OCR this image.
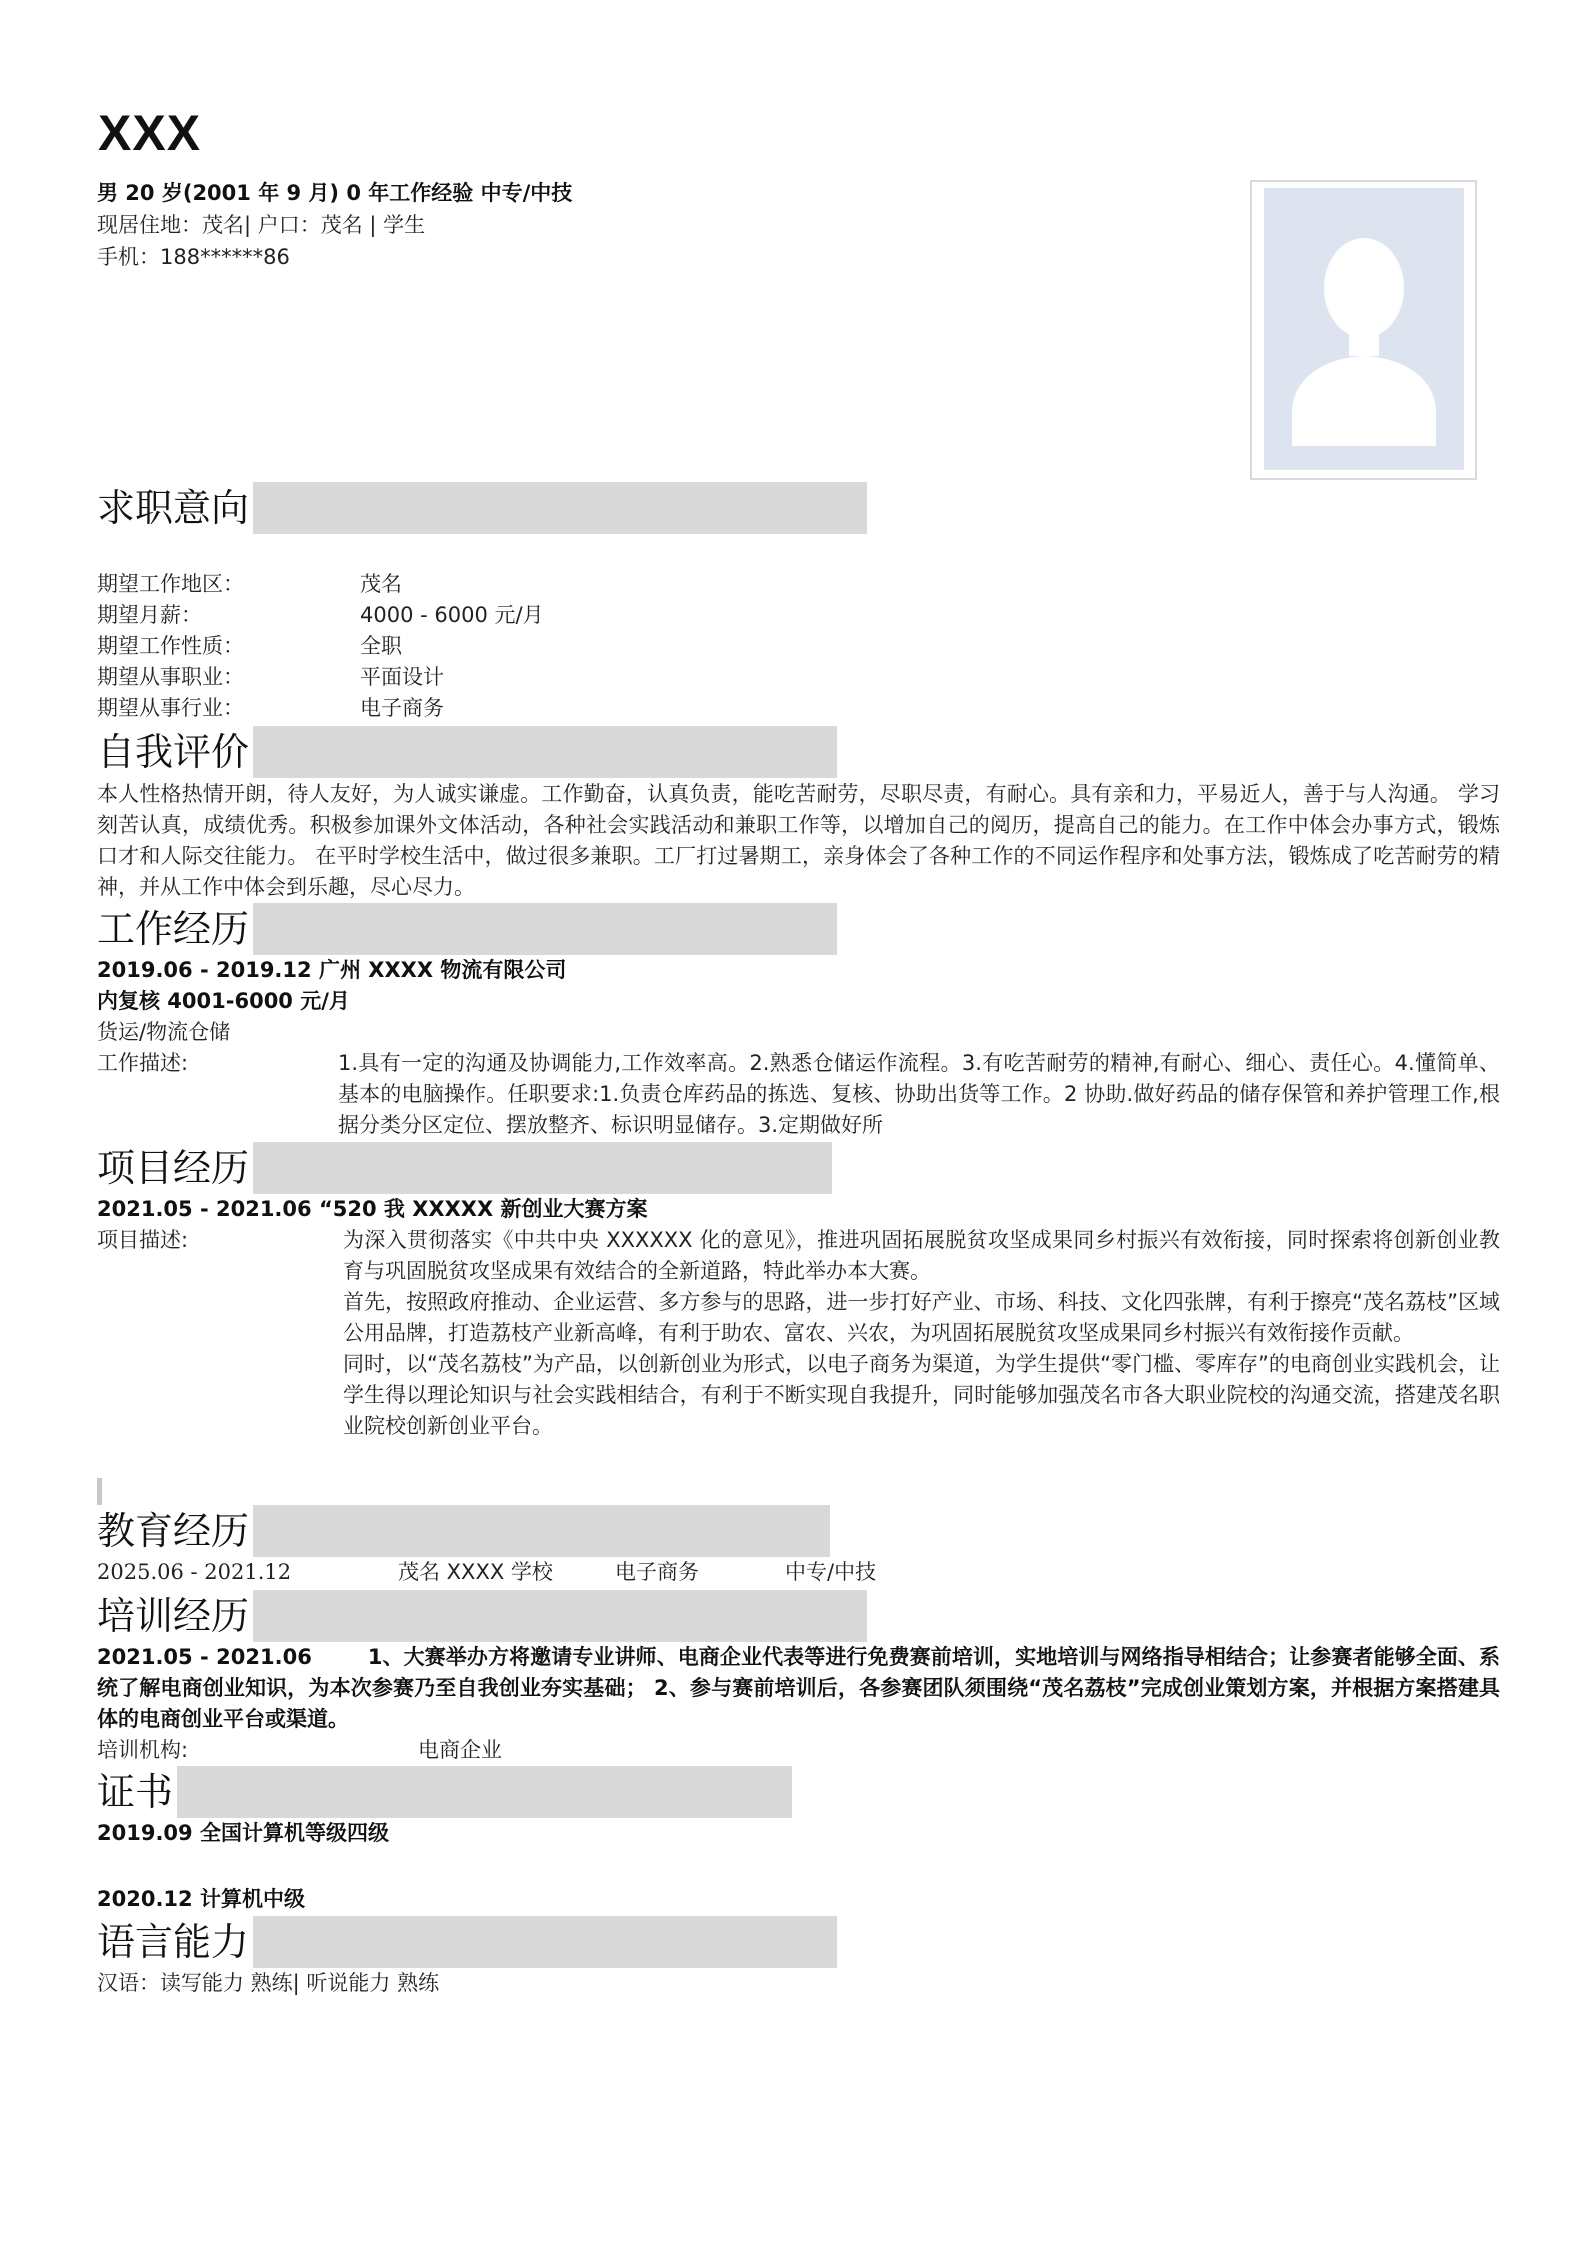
XXX
男 20 岁(2001 年 9 月) 0 年工作经验 中专/中技
现居住地：茂名| 户口：茂名 | 学生
手机：188******86
求职意向
期望工作地区：	茂名
期望月薪：	4000 - 6000 元/月
期望工作性质：	全职
期望从事职业：	平面设计
期望从事行业：	电子商务
自我评价
本人性格热情开朗，待人友好，为人诚实谦虚。工作勤奋，认真负责，能吃苦耐劳，尽职尽责，有耐心。具有亲和力，平易近人，善于与人沟通。 学习刻苦认真，成绩优秀。积极参加课外文体活动，各种社会实践活动和兼职工作等，以增加自己的阅历，提高自己的能力。在工作中体会办事方式，锻炼口才和人际交往能力。 在平时学校生活中，做过很多兼职。工厂打过暑期工，亲身体会了各种工作的不同运作程序和处事方法，锻炼成了吃苦耐劳的精神，并从工作中体会到乐趣，尽心尽力。
工作经历
2019.06 - 2019.12 广州 XXXX 物流有限公司
内复核 4001-6000 元/月
货运/物流仓储
工作描述:	1.具有一定的沟通及协调能力,工作效率高。2.熟悉仓储运作流程。3.有吃苦耐劳的精神,有耐心、细心、责任心。4.懂简单、基本的电脑操作。任职要求:1.负责仓库药品的拣选、复核、协助出货等工作。2 协助.做好药品的储存保管和养护管理工作,根据分类分区定位、摆放整齐、标识明显储存。3.定期做好所
项目经历
2021.05 - 2021.06 “520 我 XXXXX 新创业大赛方案
项目描述:	为深入贯彻落实《中共中央 XXXXXX 化的意见》，推进巩固拓展脱贫攻坚成果同乡村振兴有效衔接，同时探索将创新创业教育与巩固脱贫攻坚成果有效结合的全新道路，特此举办本大赛。

首先，按照政府推动、企业运营、多方参与的思路，进一步打好产业、市场、科技、文化四张牌，有利于擦亮“茂名荔枝”区域公用品牌，打造荔枝产业新高峰，有利于助农、富农、兴农，为巩固拓展脱贫攻坚成果同乡村振兴有效衔接作贡献。

同时，以“茂名荔枝”为产品，以创新创业为形式，以电子商务为渠道，为学生提供“零门槛、零库存”的电商创业实践机会，让学生得以理论知识与社会实践相结合，有利于不断实现自我提升，同时能够加强茂名市各大职业院校的沟通交流，搭建茂名职业院校创新创业平台。

教育经历
2025.06 - 2021.12	茂名 XXXX 学校	电子商务	中专/中技
培训经历
2021.05 - 2021.06	1、大赛举办方将邀请专业讲师、电商企业代表等进行免费赛前培训，实地培训与网络指导相结合；让参赛者能够全面、系统了解电商创业知识，为本次参赛乃至自我创业夯实基础； 2、参与赛前培训后，各参赛团队须围绕“茂名荔枝”完成创业策划方案，并根据方案搭建具体的电商创业平台或渠道。
培训机构:	电商企业
证书
2019.09 全国计算机等级四级
2020.12 计算机中级
语言能力
汉语：读写能力 熟练| 听说能力 熟练
